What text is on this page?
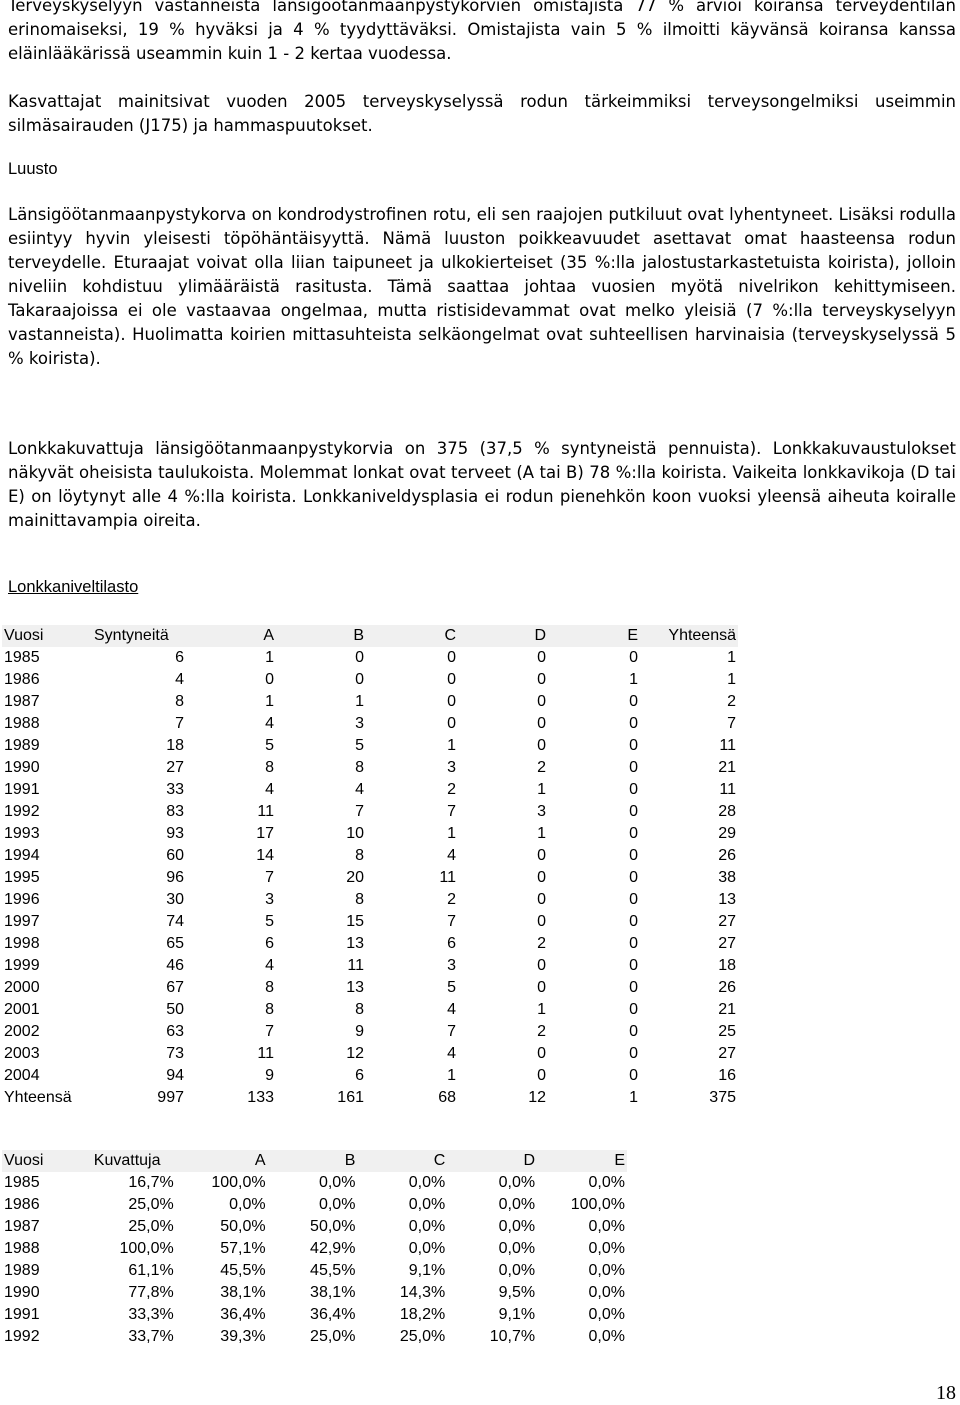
Terveyskyselyyn vastanneista länsigöötanmaanpystykorvien omistajista 77 % arvioi koiransa terveydentilan erinomaiseksi, 19 % hyväksi ja 4 % tyydyttäväksi. Omistajista vain 5 % ilmoitti käyvänsä koiransa kanssa eläinlääkärissä useammin kuin 1 - 2 kertaa vuodessa.

Kasvattajat mainitsivat vuoden 2005 terveyskyselyssä rodun tärkeimmiksi terveysongelmiksi useimmin silmäsairauden (J175) ja hammaspuutokset.

Luusto

Länsigöötanmaanpystykorva on kondrodystrofinen rotu, eli sen raajojen putkiluut ovat lyhentyneet. Lisäksi rodulla esiintyy hyvin yleisesti töpöhäntäisyyttä. Nämä luuston poikkeavuudet asettavat omat haasteensa rodun terveydelle. Eturaajat voivat olla liian taipuneet ja ulkokierteiset (35 %:lla jalostustarkastetuista koirista), jolloin niveliin kohdistuu ylimääräistä rasitusta. Tämä saattaa johtaa vuosien myötä nivelrikon kehittymiseen. Takaraajoissa ei ole vastaavaa ongelmaa, mutta ristisidevammat ovat melko yleisiä (7 %:lla terveyskyselyyn vastanneista). Huolimatta koirien mittasuhteista selkäongelmat ovat suhteellisen harvinaisia (terveyskyselyssä 5 % koirista).

Lonkkakuvattuja länsigöötanmaanpystykorvia on 375 (37,5 % syntyneistä pennuista). Lonkkakuvaustulokset näkyvät oheisista taulukoista. Molemmat lonkat ovat terveet (A tai B) 78 %:lla koirista. Vaikeita lonkkavikoja (D tai E) on löytynyt alle 4 %:lla koirista. Lonkkaniveldysplasia ei rodun pienehkön koon vuoksi yleensä aiheuta koiralle mainittavampia oireita.

Lonkkaniveltilasto
Vuosi	Syntyneitä	A	B	C	D	E	Yhteensä
1985	6	1	0	0	0	0	1
1986	4	0	0	0	0	1	1
1987	8	1	1	0	0	0	2
1988	7	4	3	0	0	0	7
1989	18	5	5	1	0	0	11
1990	27	8	8	3	2	0	21
1991	33	4	4	2	1	0	11
1992	83	11	7	7	3	0	28
1993	93	17	10	1	1	0	29
1994	60	14	8	4	0	0	26
1995	96	7	20	11	0	0	38
1996	30	3	8	2	0	0	13
1997	74	5	15	7	0	0	27
1998	65	6	13	6	2	0	27
1999	46	4	11	3	0	0	18
2000	67	8	13	5	0	0	26
2001	50	8	8	4	1	0	21
2002	63	7	9	7	2	0	25
2003	73	11	12	4	0	0	27
2004	94	9	6	1	0	0	16
Yhteensä	997	133	161	68	12	1	375
Vuosi	Kuvattuja	A	B	C	D	E
1985	16,7%	100,0%	0,0%	0,0%	0,0%	0,0%
1986	25,0%	0,0%	0,0%	0,0%	0,0%	100,0%
1987	25,0%	50,0%	50,0%	0,0%	0,0%	0,0%
1988	100,0%	57,1%	42,9%	0,0%	0,0%	0,0%
1989	61,1%	45,5%	45,5%	9,1%	0,0%	0,0%
1990	77,8%	38,1%	38,1%	14,3%	9,5%	0,0%
1991	33,3%	36,4%	36,4%	18,2%	9,1%	0,0%
1992	33,7%	39,3%	25,0%	25,0%	10,7%	0,0%
18
